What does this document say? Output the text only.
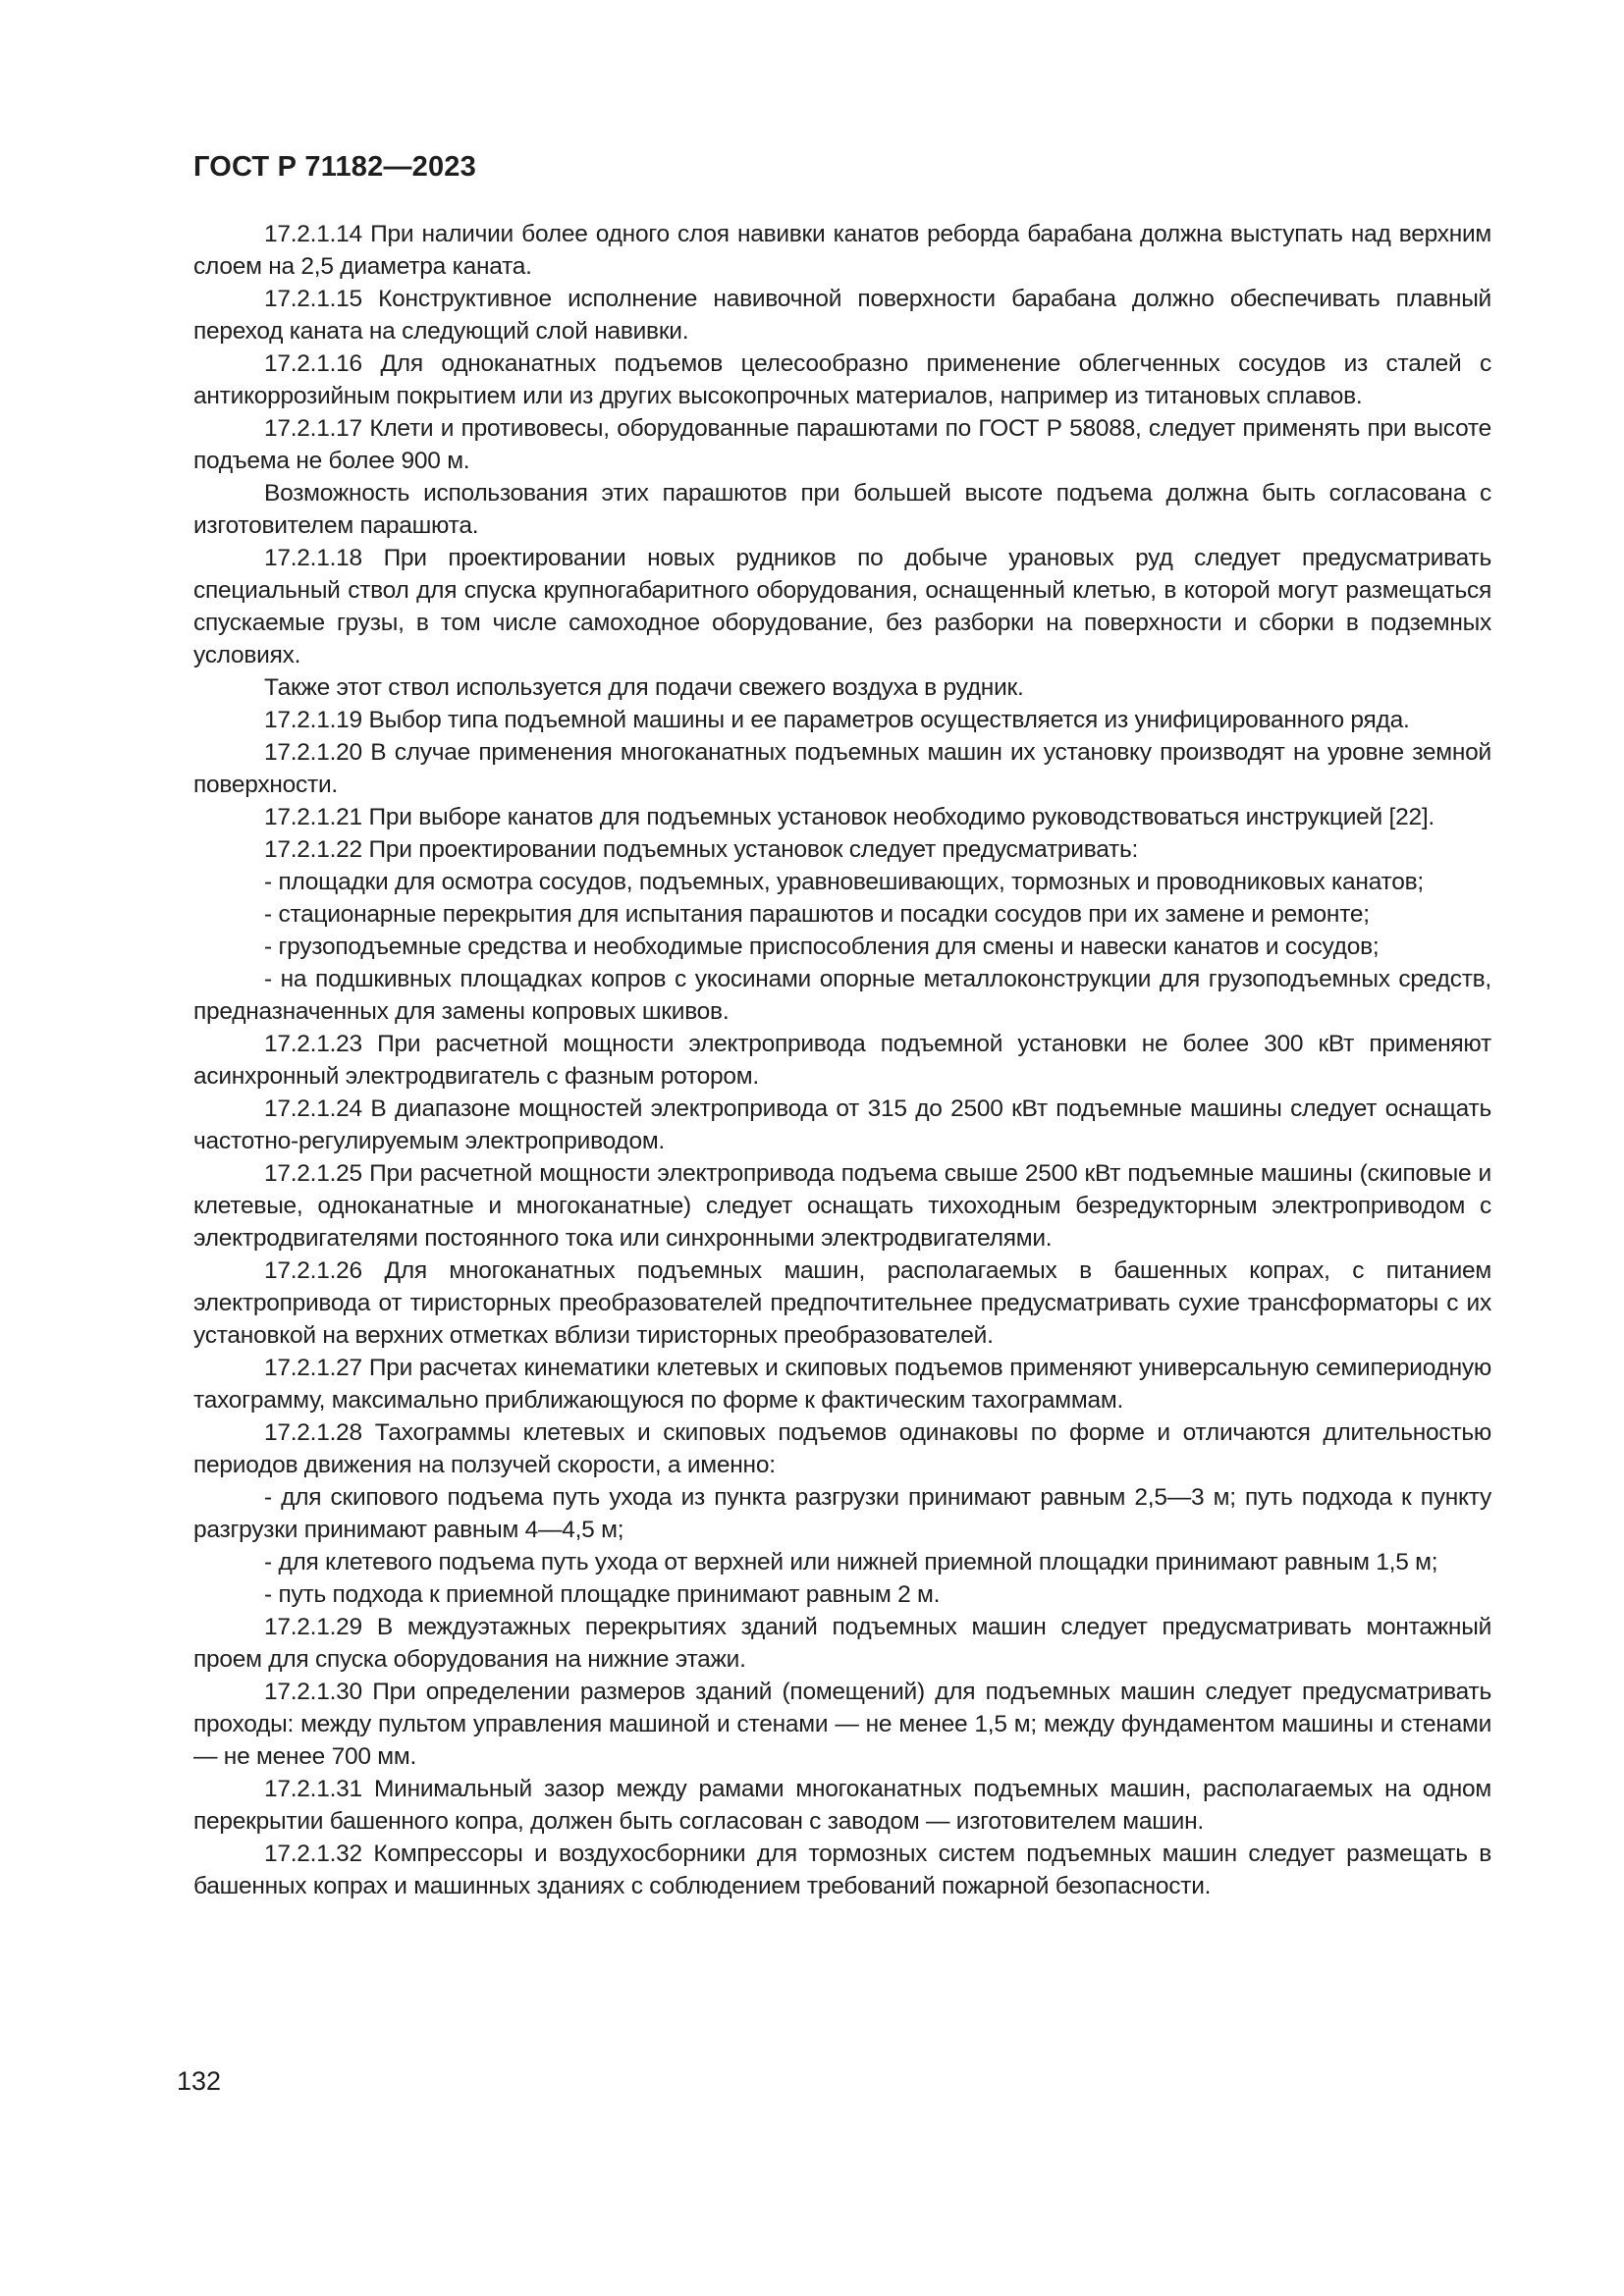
ГОСТ Р 71182—2023

17.2.1.14 При наличии более одного слоя навивки канатов реборда барабана должна выступать над верхним слоем на 2,5 диаметра каната.

17.2.1.15 Конструктивное исполнение навивочной поверхности барабана должно обеспечивать плавный переход каната на следующий слой навивки.

17.2.1.16 Для одноканатных подъемов целесообразно применение облегченных сосудов из сталей с антикоррозийным покрытием или из других высокопрочных материалов, например из титановых сплавов.

17.2.1.17 Клети и противовесы, оборудованные парашютами по ГОСТ Р 58088, следует применять при высоте подъема не более 900 м.

Возможность использования этих парашютов при большей высоте подъема должна быть согласована с изготовителем парашюта.

17.2.1.18 При проектировании новых рудников по добыче урановых руд следует предусматривать специальный ствол для спуска крупногабаритного оборудования, оснащенный клетью, в которой могут размещаться спускаемые грузы, в том числе самоходное оборудование, без разборки на поверхности и сборки в подземных условиях.

Также этот ствол используется для подачи свежего воздуха в рудник.

17.2.1.19 Выбор типа подъемной машины и ее параметров осуществляется из унифицированного ряда.

17.2.1.20 В случае применения многоканатных подъемных машин их установку производят на уровне земной поверхности.

17.2.1.21 При выборе канатов для подъемных установок необходимо руководствоваться инструкцией [22].

17.2.1.22 При проектировании подъемных установок следует предусматривать:

- площадки для осмотра сосудов, подъемных, уравновешивающих, тормозных и проводниковых канатов;

- стационарные перекрытия для испытания парашютов и посадки сосудов при их замене и ремонте;

- грузоподъемные средства и необходимые приспособления для смены и навески канатов и сосудов;

- на подшкивных площадках копров с укосинами опорные металлоконструкции для грузоподъемных средств, предназначенных для замены копровых шкивов.

17.2.1.23 При расчетной мощности электропривода подъемной установки не более 300 кВт применяют асинхронный электродвигатель с фазным ротором.

17.2.1.24 В диапазоне мощностей электропривода от 315 до 2500 кВт подъемные машины следует оснащать частотно-регулируемым электроприводом.

17.2.1.25 При расчетной мощности электропривода подъема свыше 2500 кВт подъемные машины (скиповые и клетевые, одноканатные и многоканатные) следует оснащать тихоходным безредукторным электроприводом с электродвигателями постоянного тока или синхронными электродвигателями.

17.2.1.26 Для многоканатных подъемных машин, располагаемых в башенных копрах, с питанием электропривода от тиристорных преобразователей предпочтительнее предусматривать сухие трансформаторы с их установкой на верхних отметках вблизи тиристорных преобразователей.

17.2.1.27 При расчетах кинематики клетевых и скиповых подъемов применяют универсальную семипериодную тахограмму, максимально приближающуюся по форме к фактическим тахограммам.

17.2.1.28 Тахограммы клетевых и скиповых подъемов одинаковы по форме и отличаются длительностью периодов движения на ползучей скорости, а именно:

- для скипового подъема путь ухода из пункта разгрузки принимают равным 2,5—3 м; путь подхода к пункту разгрузки принимают равным 4—4,5 м;

- для клетевого подъема путь ухода от верхней или нижней приемной площадки принимают равным 1,5 м;

- путь подхода к приемной площадке принимают равным 2 м.

17.2.1.29 В междуэтажных перекрытиях зданий подъемных машин следует предусматривать монтажный проем для спуска оборудования на нижние этажи.

17.2.1.30 При определении размеров зданий (помещений) для подъемных машин следует предусматривать проходы: между пультом управления машиной и стенами — не менее 1,5 м; между фундаментом машины и стенами — не менее 700 мм.

17.2.1.31 Минимальный зазор между рамами многоканатных подъемных машин, располагаемых на одном перекрытии башенного копра, должен быть согласован с заводом — изготовителем машин.

17.2.1.32 Компрессоры и воздухосборники для тормозных систем подъемных машин следует размещать в башенных копрах и машинных зданиях с соблюдением требований пожарной безопасности.

132
